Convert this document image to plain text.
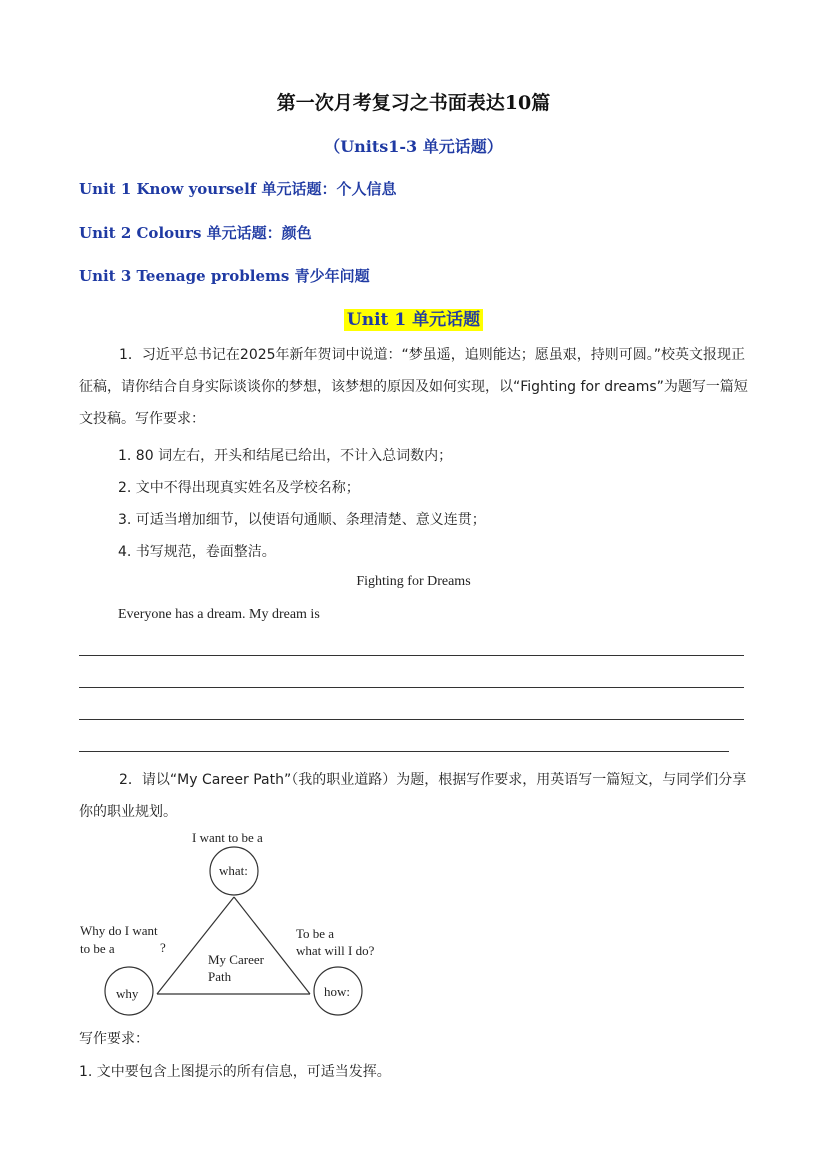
第一次月考复习之书面表达10篇
（Units1-3 单元话题）
Unit 1 Know yourself 单元话题：个人信息
Unit 2 Colours 单元话题：颜色
Unit 3 Teenage problems 青少年问题
Unit 1 单元话题
1．习近平总书记在2025年新年贺词中说道：“梦虽遥，追则能达；愿虽艰，持则可圆。”校英文报现正征稿，请你结合自身实际谈谈你的梦想，该梦想的原因及如何实现，以“Fighting for dreams”为题写一篇短文投稿。写作要求：
1. 80 词左右，开头和结尾已给出，不计入总词数内；
2. 文中不得出现真实姓名及学校名称；
3. 可适当增加细节，以使语句通顺、条理清楚、意义连贯；
4. 书写规范，卷面整洁。
Fighting for Dreams
Everyone has a dream. My dream is
2．请以“My Career Path”（我的职业道路）为题，根据写作要求，用英语写一篇短文，与同学们分享你的职业规划。
I want to be a
what:
why	how:
Why do I want
to be a	?
To be a
what will I do?
My Career
Path
写作要求：
1. 文中要包含上图提示的所有信息，可适当发挥。
